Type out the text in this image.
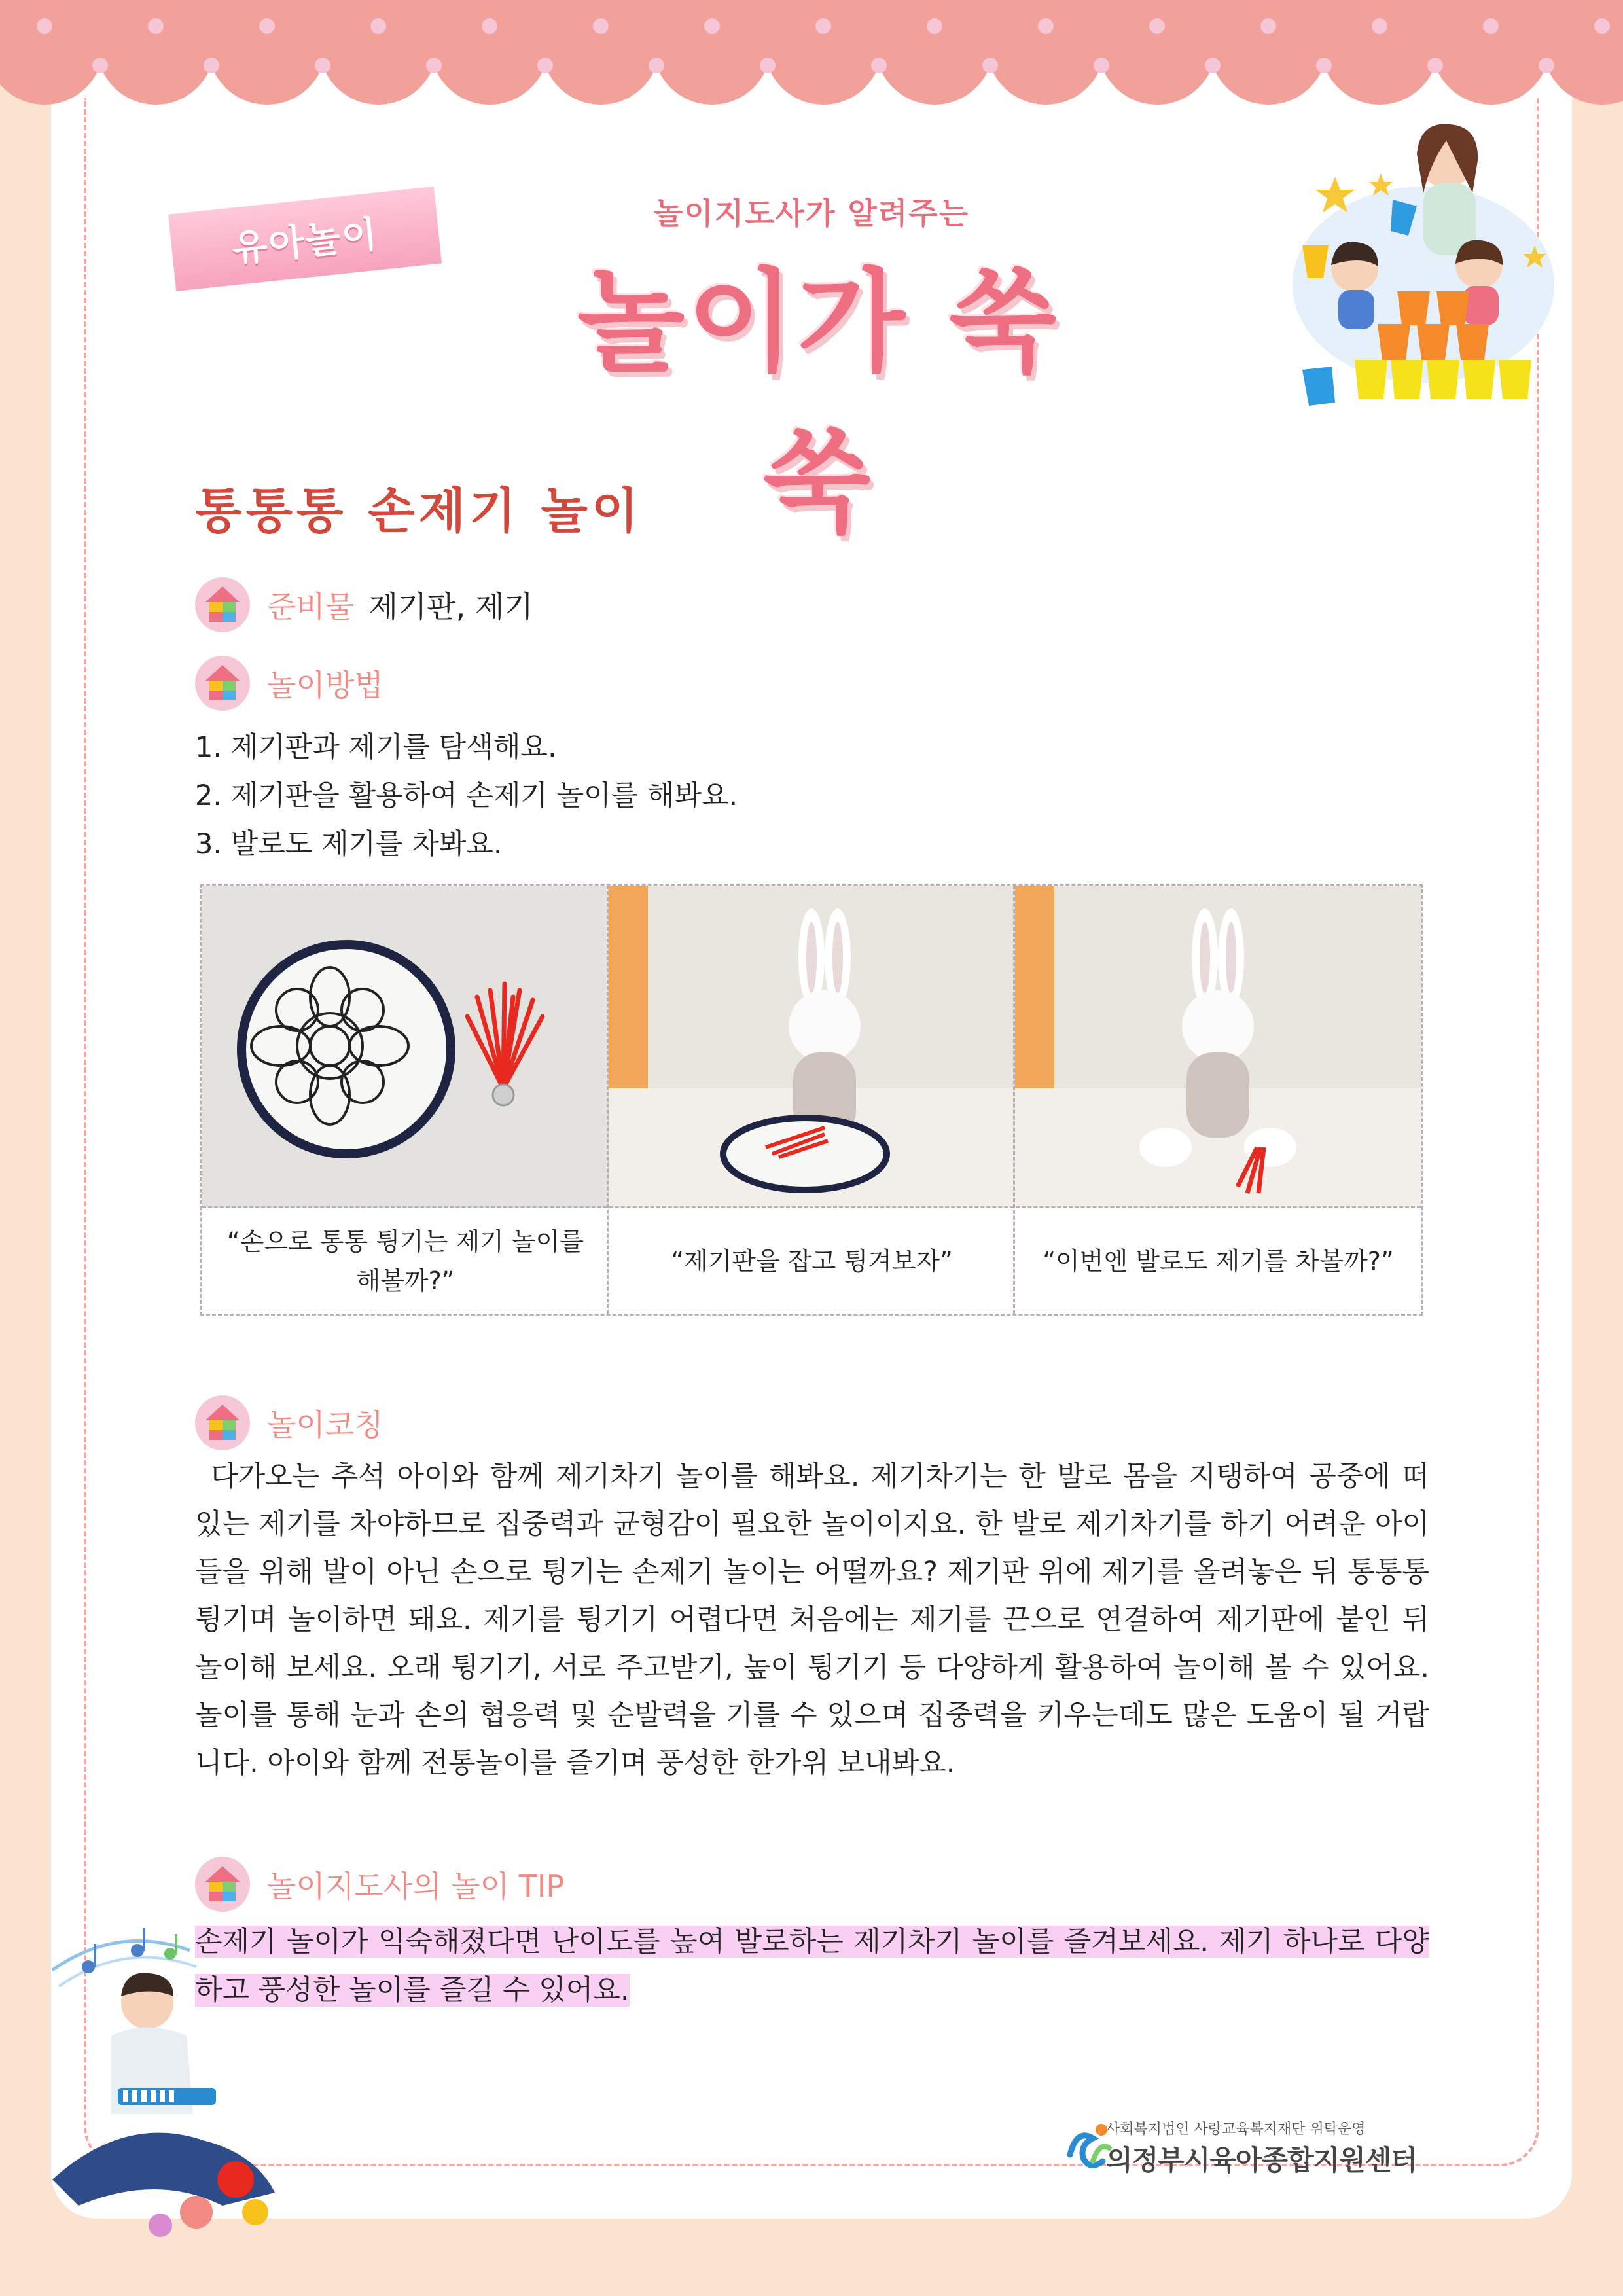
유아놀이	놀이지도사가 알려주는
놀이가 쑥쑥
통통통 손제기 놀이
준비물 제기판, 제기
놀이방법
1. 제기판과 제기를 탐색해요.
2. 제기판을 활용하여 손제기 놀이를 해봐요.
3. 발로도 제기를 차봐요.
“손으로 통통 튕기는 제기 놀이를 해볼까?”
“제기판을 잡고 튕겨보자”	“이번엔 발로도 제기를 차볼까?”
놀이코칭
다가오는 추석 아이와 함께 제기차기 놀이를 해봐요. 제기차기는 한 발로 몸을 지탱하여 공중에 떠 있는 제기를 차야하므로 집중력과 균형감이 필요한 놀이이지요. 한 발로 제기차기를 하기 어려운 아이들을 위해 발이 아닌 손으로 튕기는 손제기 놀이는 어떨까요? 제기판 위에 제기를 올려놓은 뒤 통통통 튕기며 놀이하면 돼요. 제기를 튕기기 어렵다면 처음에는 제기를 끈으로 연결하여 제기판에 붙인 뒤 놀이해 보세요. 오래 튕기기, 서로 주고받기, 높이 튕기기 등 다양하게 활용하여 놀이해 볼 수 있어요. 놀이를 통해 눈과 손의 협응력 및 순발력을 기를 수 있으며 집중력을 키우는데도 많은 도움이 될 거랍니다. 아이와 함께 전통놀이를 즐기며 풍성한 한가위 보내봐요.
놀이지도사의 놀이 TIP
손제기 놀이가 익숙해졌다면 난이도를 높여 발로하는 제기차기 놀이를 즐겨보세요. 제기 하나로 다양하고 풍성한 놀이를 즐길 수 있어요.
사회복지법인 사랑교육복지재단 위탁운영
의정부시육아종합지원센터
